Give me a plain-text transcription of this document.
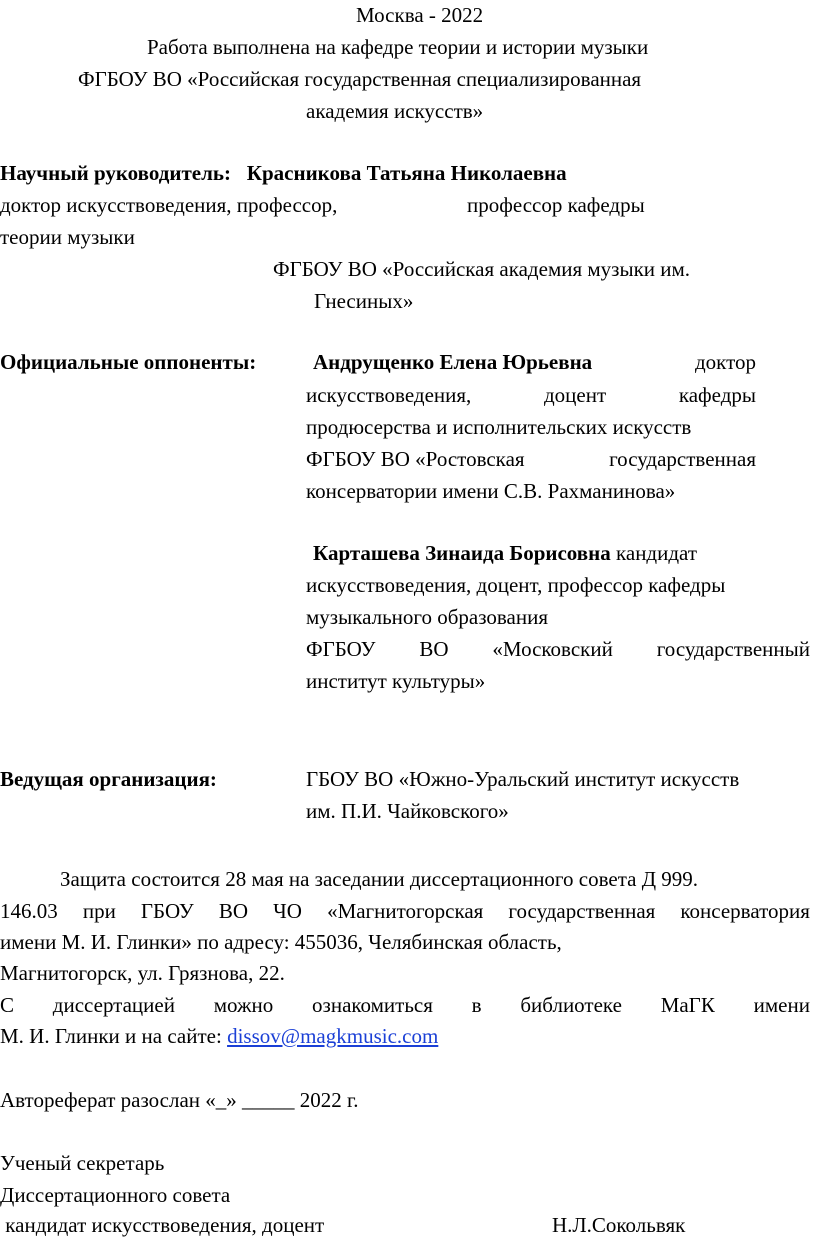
Москва - 2022
Работа выполнена на кафедре теории и истории музыки
ФГБОУ ВО «Российская государственная специализированная
академия искусств»
Научный руководитель: Красникова Татьяна Николаевна
доктор искусствоведения, профессор,	профессор кафедры
теории музыки
ФГБОУ ВО «Российская академия музыки им.
Гнесиных»
Официальные оппоненты:	Андрущенко Елена Юрьевна	доктор
искусствоведения,	доцент	кафедры
продюсерства и исполнительских искусств
ФГБОУ ВО «Ростовская	государственная
консерватории имени С.В. Рахманинова»
Карташева Зинаида Борисовна кандидат
искусствоведения, доцент, профессор кафедры
музыкального образования
ФГБОУ ВО «Московский государственный
институт культуры»
Ведущая организация:	ГБОУ ВО «Южно-Уральский институт искусств
им. П.И. Чайковского»
Защита состоится 28 мая на заседании диссертационного совета Д 999.
146.03 при ГБОУ ВО ЧО «Магнитогорская государственная консерватория
имени М. И. Глинки» по адресу: 455036, Челябинская область,
Магнитогорск, ул. Грязнова, 22.
С диссертацией можно ознакомиться в библиотеке МаГК имени
М. И. Глинки и на сайте: dissov@magkmusic.com
Автореферат разослан «_» _____ 2022 г.
Ученый секретарь
Диссертационного совета
кандидат искусствоведения, доцент	Н.Л.Сокольвяк
